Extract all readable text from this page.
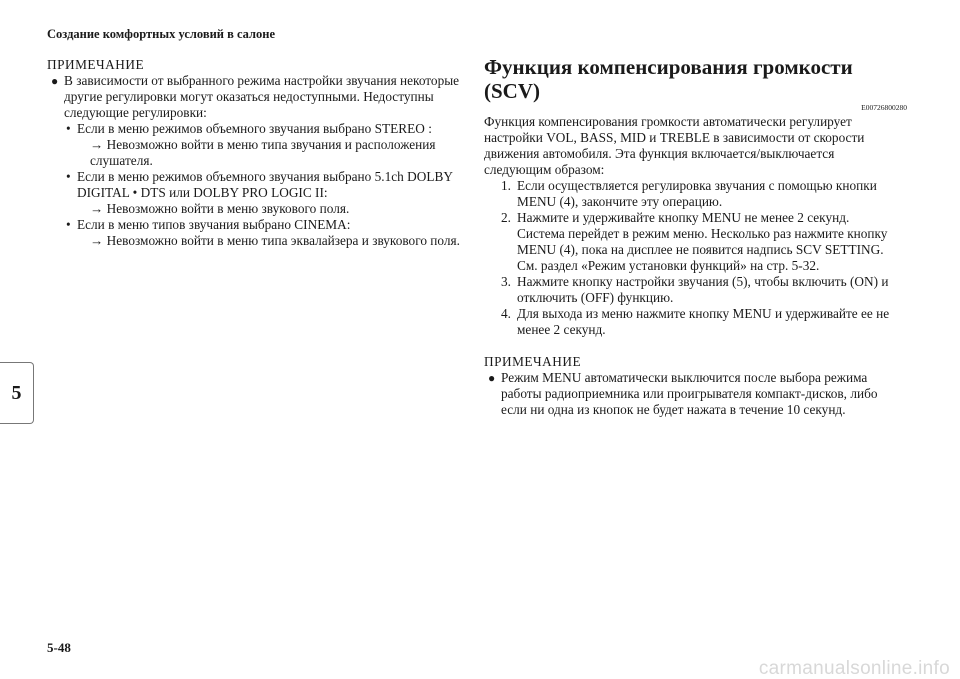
Создание комфортных условий в салоне
5
ПРИМЕЧАНИЕ
● В зависимости от выбранного режима настройки звучания некоторые другие регулировки могут оказаться недоступными. Недоступны следующие регулировки:
• Если в меню режимов объемного звучания выбрано STEREO :
→ Невозможно войти в меню типа звучания и расположения слушателя.
• Если в меню режимов объемного звучания выбрано 5.1ch DOLBY DIGITAL • DTS или DOLBY PRO LOGIC II:
→ Невозможно войти в меню звукового поля.
• Если в меню типов звучания выбрано CINEMA:
→ Невозможно войти в меню типа эквалайзера и звукового поля.
Функция компенсирования громкости (SCV)
E00726800280
Функция компенсирования громкости автоматически регулирует настройки VOL, BASS, MID и TREBLE в зависимости от скорости движения автомобиля. Эта функция включается/выключается следующим образом:
1. Если осуществляется регулировка звучания с помощью кнопки MENU (4), закончите эту операцию.
2. Нажмите и удерживайте кнопку MENU не менее 2 секунд. Система перейдет в режим меню. Несколько раз нажмите кнопку MENU (4), пока на дисплее не появится надпись SCV SETTING. См. раздел «Режим установки функций» на стр. 5-32.
3. Нажмите кнопку настройки звучания (5), чтобы включить (ON) и отключить (OFF) функцию.
4. Для выхода из меню нажмите кнопку MENU и удерживайте ее не менее 2 секунд.
ПРИМЕЧАНИЕ
● Режим MENU автоматически выключится после выбора режима работы радиоприемника или проигрывателя компакт-дисков, либо если ни одна из кнопок не будет нажата в течение 10 секунд.
5-48
carmanualsonline.info
